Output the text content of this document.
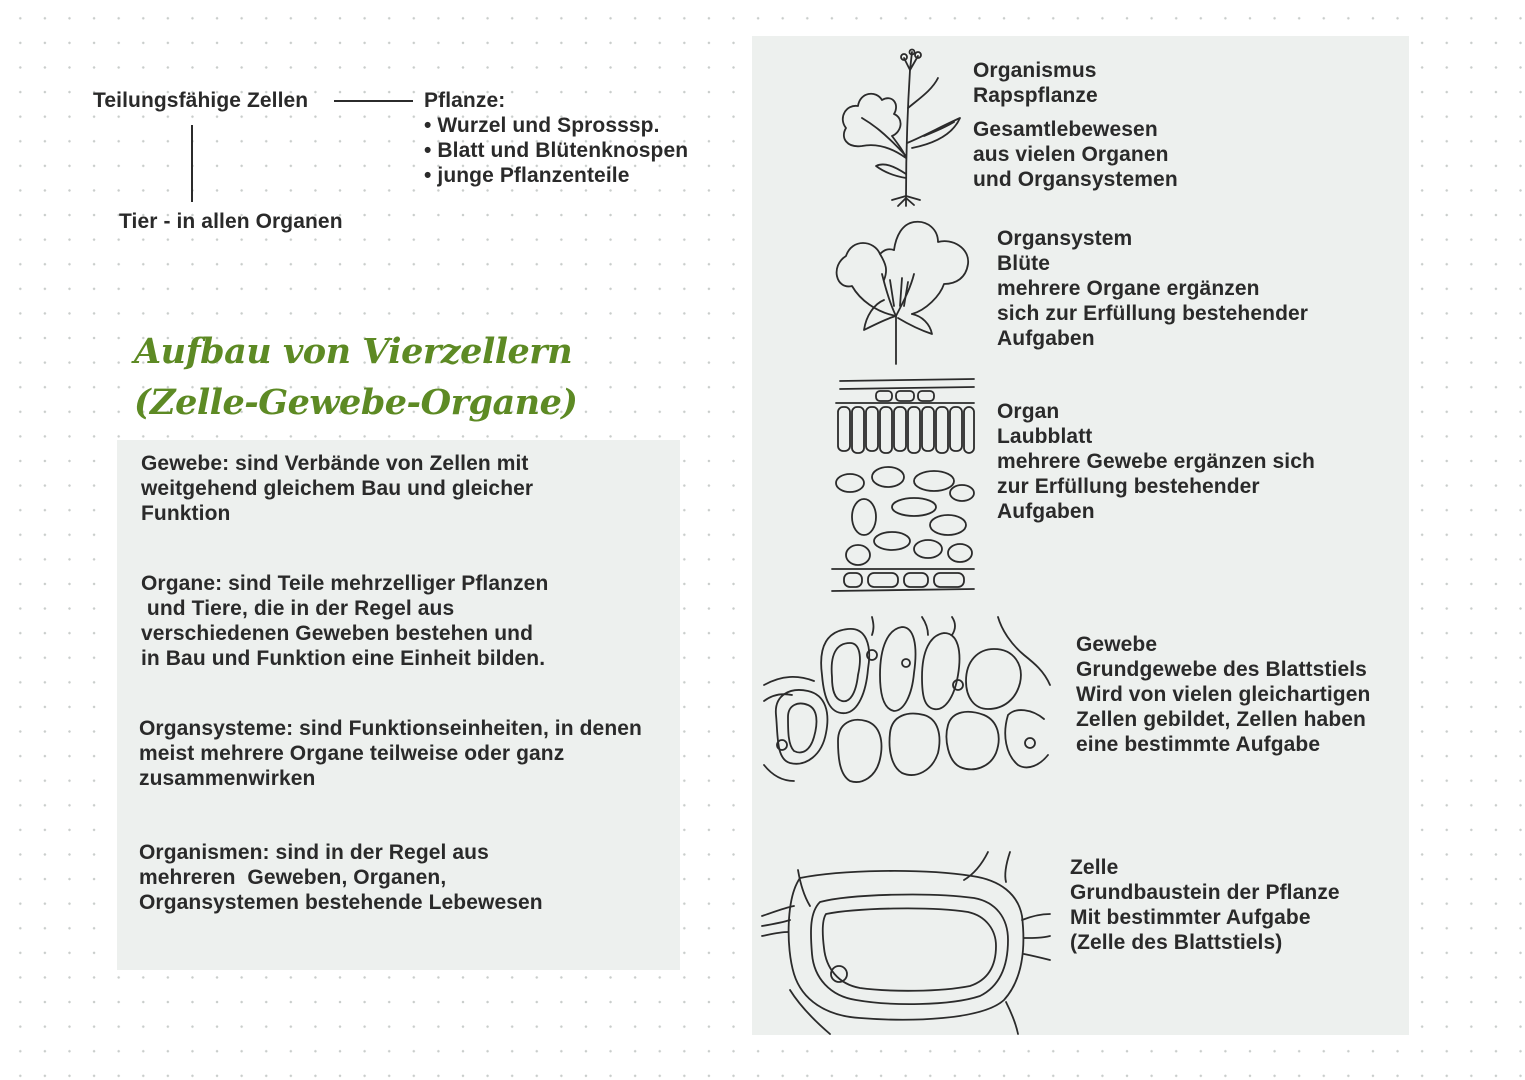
Teilungsfähige Zellen	Pflanze:
• Wurzel und Sprosssp.
• Blatt und Blütenknospen
• junge Pflanzenteile
Tier - in allen Organen
Aufbau von Vierzellern
(Zelle-Gewebe-Organe)
Gewebe: sind Verbände von Zellen mit
weitgehend gleichem Bau und gleicher
Funktion
Organe: sind Teile mehrzelliger Pflanzen
und Tiere, die in der Regel aus
verschiedenen Geweben bestehen und
in Bau und Funktion eine Einheit bilden.
Organsysteme: sind Funktionseinheiten, in denen
meist mehrere Organe teilweise oder ganz
zusammenwirken
Organismen: sind in der Regel aus
mehreren  Geweben, Organen,
Organsystemen bestehende Lebewesen
Organismus
Rapspflanze
Gesamtlebewesen
aus vielen Organen
und Organsystemen
Organsystem
Blüte
mehrere Organe ergänzen
sich zur Erfüllung bestehender
Aufgaben
Organ
Laubblatt
mehrere Gewebe ergänzen sich
zur Erfüllung bestehender
Aufgaben
Gewebe
Grundgewebe des Blattstiels
Wird von vielen gleichartigen
Zellen gebildet, Zellen haben
eine bestimmte Aufgabe
Zelle
Grundbaustein der Pflanze
Mit bestimmter Aufgabe
(Zelle des Blattstiels)
